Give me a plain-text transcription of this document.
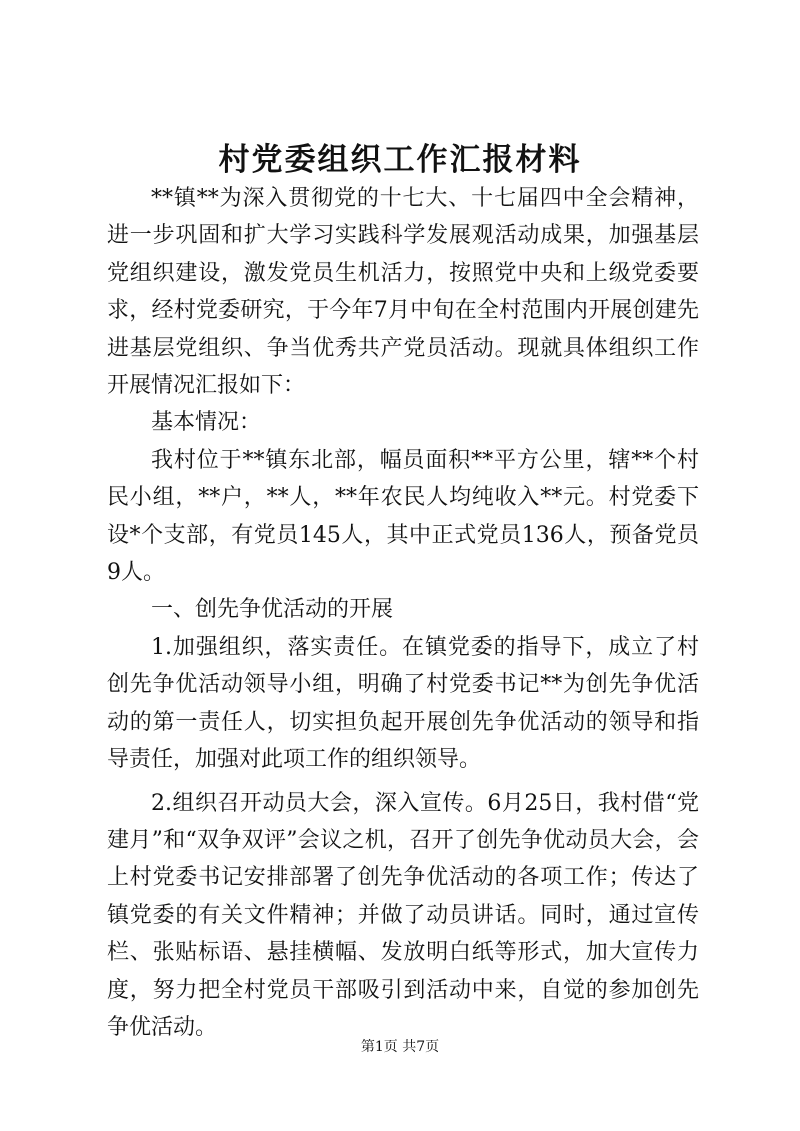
村党委组织工作汇报材料

**镇**为深入贯彻党的十七大、十七届四中全会精神，进一步巩固和扩大学习实践科学发展观活动成果，加强基层党组织建设，激发党员生机活力，按照党中央和上级党委要求，经村党委研究，于今年7月中旬在全村范围内开展创建先进基层党组织、争当优秀共产党员活动。现就具体组织工作开展情况汇报如下：

基本情况：

我村位于**镇东北部，幅员面积**平方公里，辖**个村民小组，**户，**人，**年农民人均纯收入**元。村党委下设*个支部，有党员145人，其中正式党员136人，预备党员9人。

一、创先争优活动的开展

1.加强组织，落实责任。在镇党委的指导下，成立了村创先争优活动领导小组，明确了村党委书记**为创先争优活动的第一责任人，切实担负起开展创先争优活动的领导和指导责任，加强对此项工作的组织领导。

2.组织召开动员大会，深入宣传。6月25日，我村借“党建月”和“双争双评”会议之机，召开了创先争优动员大会，会上村党委书记安排部署了创先争优活动的各项工作；传达了镇党委的有关文件精神；并做了动员讲话。同时，通过宣传栏、张贴标语、悬挂横幅、发放明白纸等形式，加大宣传力度，努力把全村党员干部吸引到活动中来，自觉的参加创先争优活动。

第1页 共7页
